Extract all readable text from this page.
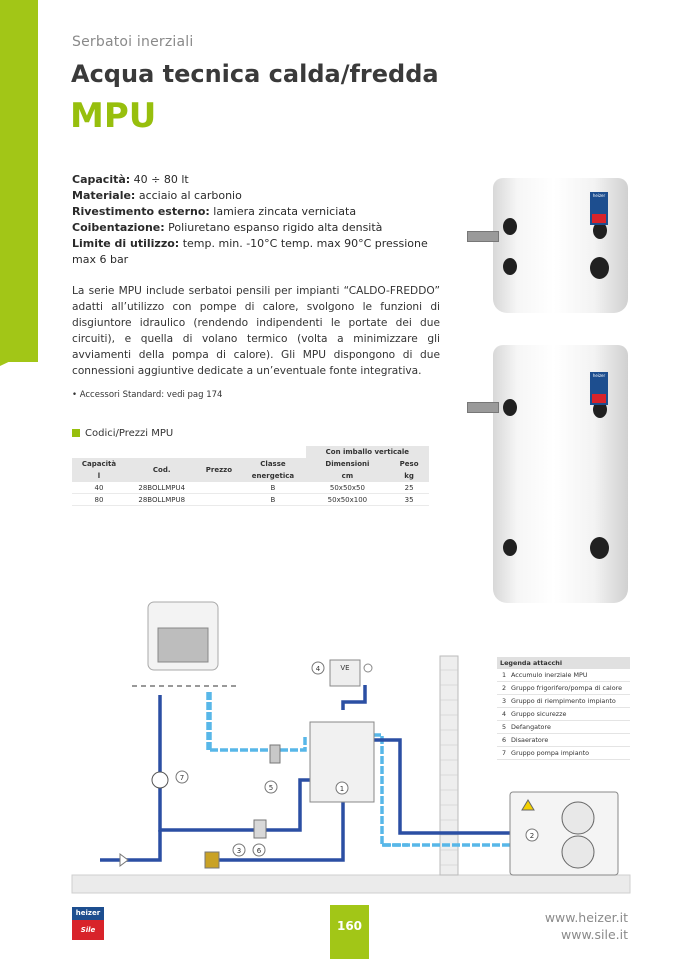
Serbatoi inerziali
Acqua tecnica calda/fredda
MPU
Capacità: 40 ÷ 80 lt
Materiale: acciaio al carbonio
Rivestimento esterno: lamiera zincata verniciata
Coibentazione: Poliuretano espanso rigido alta densità
Limite di utilizzo: temp. min. -10°C temp. max 90°C pressione max 6 bar
La serie MPU include serbatoi pensili per impianti “CALDO-FREDDO” adatti all’utilizzo con pompe di calore, svolgono le funzioni di disgiuntore idraulico (rendendo indipendenti le portate dei due circuiti), e quella di volano termico (volta a minimizzare gli avviamenti della pompa di calore). Gli MPU dispongono di due connessioni aggiuntive dedicate a un’eventuale fonte integrativa.
• Accessori Standard: vedi pag 174
Codici/Prezzi MPU
				Con imballo verticale	
Capacità	Cod.	Prezzo	Classe	Dimensioni	Peso
l			energetica	cm	kg
40	28BOLLMPU4		B	50x50x50	25
80	28BOLLMPU8		B	50x50x100	35
heizer
heizer
VE
1
2
3
4
5
6
7
Legenda attacchi
1 Accumulo inerziale MPU
2 Gruppo frigorifero/pompa di calore
3 Gruppo di riempimento impianto
4 Gruppo sicurezze
5 Defangatore
6 Disaeratore
7 Gruppo pompa impianto
heizer
Sile	160
www.heizer.it
www.sile.it
